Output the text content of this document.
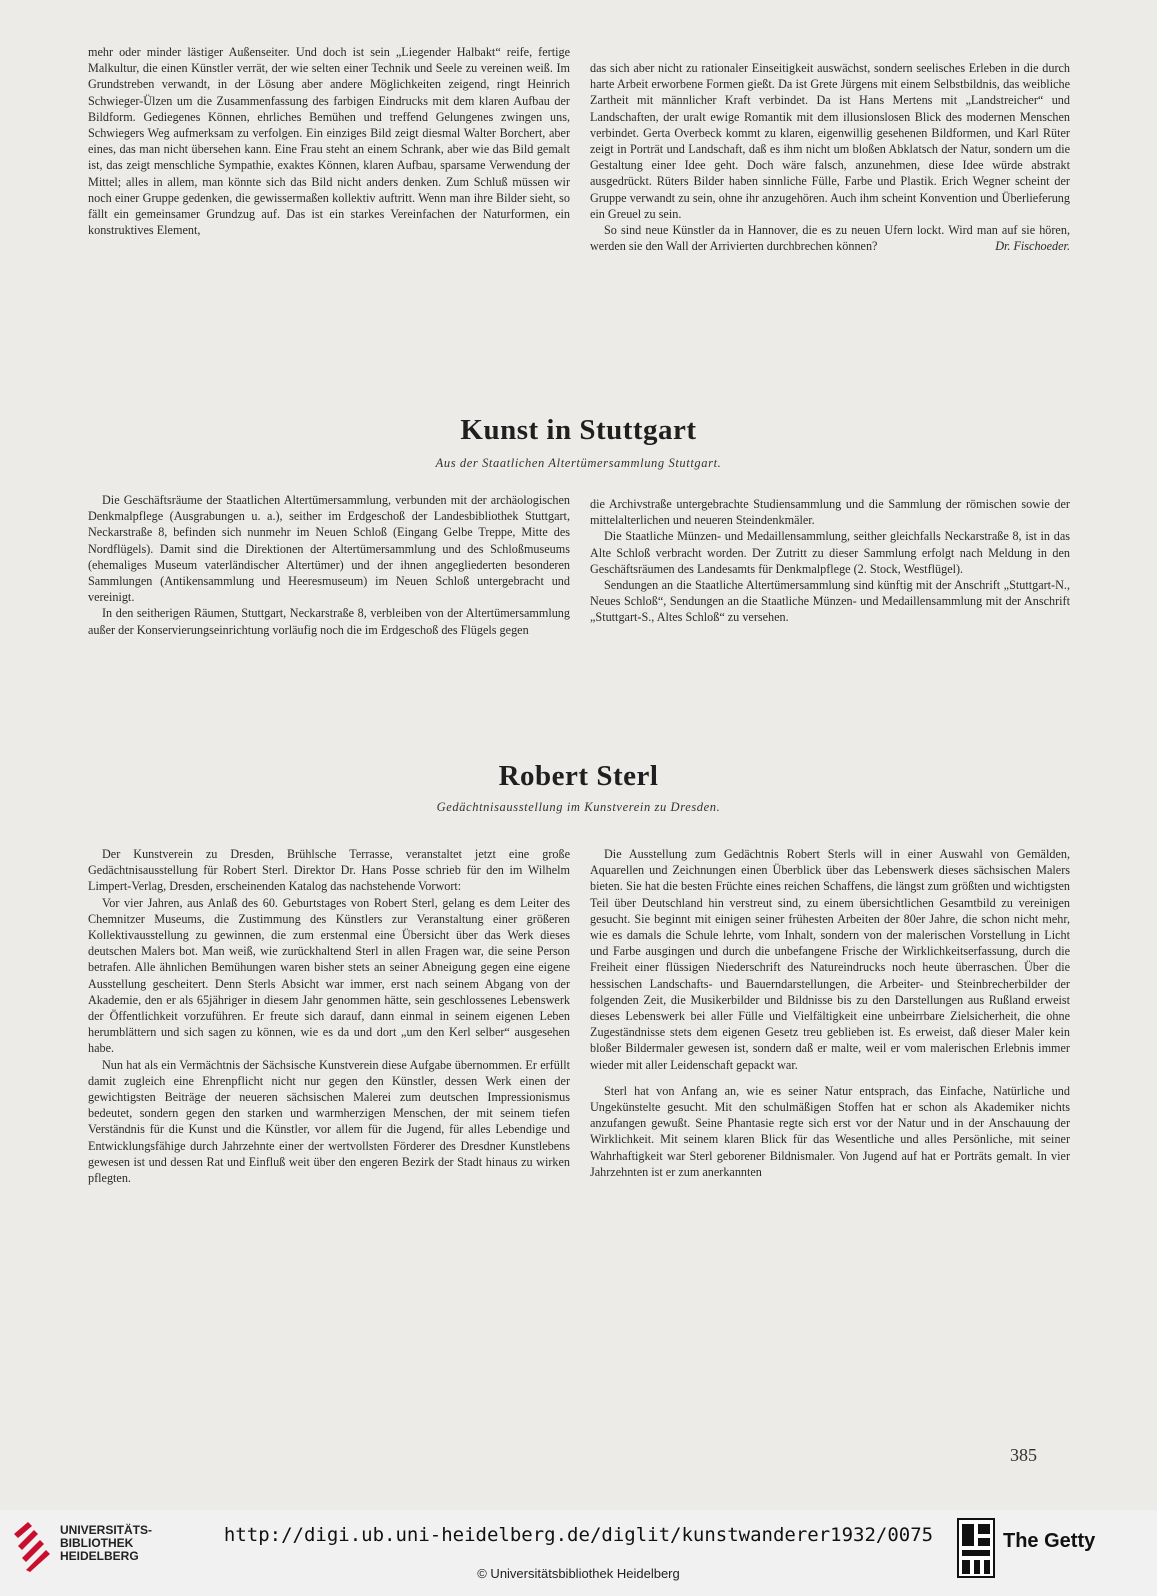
mehr oder minder lästiger Außenseiter. Und doch ist sein „Liegender Halbakt“ reife, fertige Malkultur, die einen Künstler verrät, der wie selten einer Technik und Seele zu vereinen weiß. Im Grundstreben verwandt, in der Lösung aber andere Möglichkeiten zeigend, ringt Heinrich Schwieger-Ülzen um die Zusammenfassung des farbigen Eindrucks mit dem klaren Aufbau der Bildform. Gediegenes Können, ehrliches Bemühen und treffend Gelungenes zwingen uns, Schwiegers Weg aufmerksam zu verfolgen. Ein einziges Bild zeigt diesmal Walter Borchert, aber eines, das man nicht übersehen kann. Eine Frau steht an einem Schrank, aber wie das Bild gemalt ist, das zeigt menschliche Sympathie, exaktes Können, klaren Aufbau, sparsame Verwendung der Mittel; alles in allem, man könnte sich das Bild nicht anders denken. Zum Schluß müssen wir noch einer Gruppe gedenken, die gewissermaßen kollektiv auftritt. Wenn man ihre Bilder sieht, so fällt ein gemeinsamer Grundzug auf. Das ist ein starkes Vereinfachen der Naturformen, ein konstruktives Element,

das sich aber nicht zu rationaler Einseitigkeit auswächst, sondern seelisches Erleben in die durch harte Arbeit erworbene Formen gießt. Da ist Grete Jürgens mit einem Selbstbildnis, das weibliche Zartheit mit männlicher Kraft verbindet. Da ist Hans Mertens mit „Landstreicher“ und Landschaften, der uralt ewige Romantik mit dem illusionslosen Blick des modernen Menschen verbindet. Gerta Overbeck kommt zu klaren, eigenwillig gesehenen Bildformen, und Karl Rüter zeigt in Porträt und Landschaft, daß es ihm nicht um bloßen Abklatsch der Natur, sondern um die Gestaltung einer Idee geht. Doch wäre falsch, anzunehmen, diese Idee würde abstrakt ausgedrückt. Rüters Bilder haben sinnliche Fülle, Farbe und Plastik. Erich Wegner scheint der Gruppe verwandt zu sein, ohne ihr anzugehören. Auch ihm scheint Konvention und Überlieferung ein Greuel zu sein.

So sind neue Künstler da in Hannover, die es zu neuen Ufern lockt. Wird man auf sie hören, werden sie den Wall der Arrivierten durchbrechen können?	Dr. Fischoeder.

Kunst in Stuttgart
Aus der Staatlichen Altertümersammlung Stuttgart.

Die Geschäftsräume der Staatlichen Altertümersammlung, verbunden mit der archäologischen Denkmalpflege (Ausgrabungen u. a.), seither im Erdgeschoß der Landesbibliothek Stuttgart, Neckarstraße 8, befinden sich nunmehr im Neuen Schloß (Eingang Gelbe Treppe, Mitte des Nordflügels). Damit sind die Direktionen der Altertümersammlung und des Schloßmuseums (ehemaliges Museum vaterländischer Altertümer) und der ihnen angegliederten besonderen Sammlungen (Antikensammlung und Heeresmuseum) im Neuen Schloß untergebracht und vereinigt.

In den seitherigen Räumen, Stuttgart, Neckarstraße 8, verbleiben von der Altertümersammlung außer der Konservierungseinrichtung vorläufig noch die im Erdgeschoß des Flügels gegen

die Archivstraße untergebrachte Studiensammlung und die Sammlung der römischen sowie der mittelalterlichen und neueren Steindenkmäler.

Die Staatliche Münzen- und Medaillensammlung, seither gleichfalls Neckarstraße 8, ist in das Alte Schloß verbracht worden. Der Zutritt zu dieser Sammlung erfolgt nach Meldung in den Geschäftsräumen des Landesamts für Denkmalpflege (2. Stock, Westflügel).

Sendungen an die Staatliche Altertümersammlung sind künftig mit der Anschrift „Stuttgart-N., Neues Schloß“, Sendungen an die Staatliche Münzen- und Medaillensammlung mit der Anschrift „Stuttgart-S., Altes Schloß“ zu versehen.

Robert Sterl
Gedächtnisausstellung im Kunstverein zu Dresden.

Der Kunstverein zu Dresden, Brühlsche Terrasse, veranstaltet jetzt eine große Gedächtnisausstellung für Robert Sterl. Direktor Dr. Hans Posse schrieb für den im Wilhelm Limpert-Verlag, Dresden, erscheinenden Katalog das nachstehende Vorwort:

Vor vier Jahren, aus Anlaß des 60. Geburtstages von Robert Sterl, gelang es dem Leiter des Chemnitzer Museums, die Zustimmung des Künstlers zur Veranstaltung einer größeren Kollektivausstellung zu gewinnen, die zum erstenmal eine Übersicht über das Werk dieses deutschen Malers bot. Man weiß, wie zurückhaltend Sterl in allen Fragen war, die seine Person betrafen. Alle ähnlichen Bemühungen waren bisher stets an seiner Abneigung gegen eine eigene Ausstellung gescheitert. Denn Sterls Absicht war immer, erst nach seinem Abgang von der Akademie, den er als 65jähriger in diesem Jahr genommen hätte, sein geschlossenes Lebenswerk der Öffentlichkeit vorzuführen. Er freute sich darauf, dann einmal in seinem eigenen Leben herumblättern und sich sagen zu können, wie es da und dort „um den Kerl selber“ ausgesehen habe.

Nun hat als ein Vermächtnis der Sächsische Kunstverein diese Aufgabe übernommen. Er erfüllt damit zugleich eine Ehrenpflicht nicht nur gegen den Künstler, dessen Werk einen der gewichtigsten Beiträge der neueren sächsischen Malerei zum deutschen Impressionismus bedeutet, sondern gegen den starken und warmherzigen Menschen, der mit seinem tiefen Verständnis für die Kunst und die Künstler, vor allem für die Jugend, für alles Lebendige und Entwicklungsfähige durch Jahrzehnte einer der wertvollsten Förderer des Dresdner Kunstlebens gewesen ist und dessen Rat und Einfluß weit über den engeren Bezirk der Stadt hinaus zu wirken pflegten.

Die Ausstellung zum Gedächtnis Robert Sterls will in einer Auswahl von Gemälden, Aquarellen und Zeichnungen einen Überblick über das Lebenswerk dieses sächsischen Malers bieten. Sie hat die besten Früchte eines reichen Schaffens, die längst zum größten und wichtigsten Teil über Deutschland hin verstreut sind, zu einem übersichtlichen Gesamtbild zu vereinigen gesucht. Sie beginnt mit einigen seiner frühesten Arbeiten der 80er Jahre, die schon nicht mehr, wie es damals die Schule lehrte, vom Inhalt, sondern von der malerischen Vorstellung in Licht und Farbe ausgingen und durch die unbefangene Frische der Wirklichkeitserfassung, durch die Freiheit einer flüssigen Niederschrift des Natureindrucks noch heute überraschen. Über die hessischen Landschafts- und Bauerndarstellungen, die Arbeiter- und Steinbrecherbilder der folgenden Zeit, die Musikerbilder und Bildnisse bis zu den Darstellungen aus Rußland erweist dieses Lebenswerk bei aller Fülle und Vielfältigkeit eine unbeirrbare Zielsicherheit, die ohne Zugeständnisse stets dem eigenen Gesetz treu geblieben ist. Es erweist, daß dieser Maler kein bloßer Bildermaler gewesen ist, sondern daß er malte, weil er vom malerischen Erlebnis immer wieder mit aller Leidenschaft gepackt war.

Sterl hat von Anfang an, wie es seiner Natur entsprach, das Einfache, Natürliche und Ungekünstelte gesucht. Mit den schulmäßigen Stoffen hat er schon als Akademiker nichts anzufangen gewußt. Seine Phantasie regte sich erst vor der Natur und in der Anschauung der Wirklichkeit. Mit seinem klaren Blick für das Wesentliche und alles Persönliche, mit seiner Wahrhaftigkeit war Sterl geborener Bildnismaler. Von Jugend auf hat er Porträts gemalt. In vier Jahrzehnten ist er zum anerkannten

385
UNIVERSITÄTS-
BIBLIOTHEK
HEIDELBERG
http://digi.ub.uni-heidelberg.de/diglit/kunstwanderer1932/0075
© Universitätsbibliothek Heidelberg
The Getty
